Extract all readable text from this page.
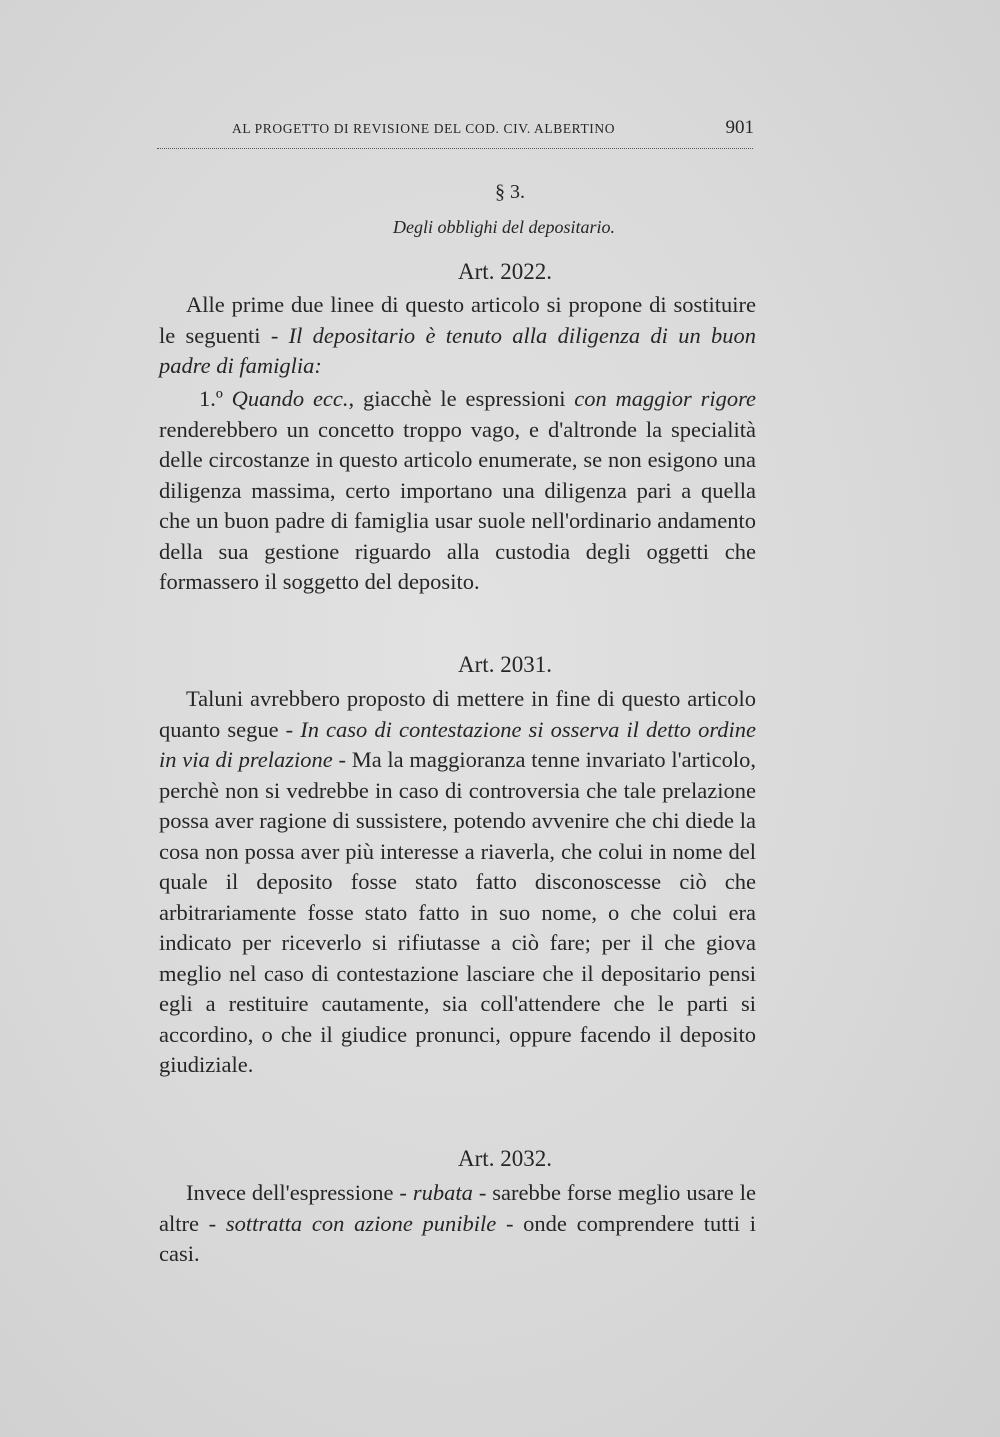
AL PROGETTO DI REVISIONE DEL COD. CIV. ALBERTINO	901
§ 3.
Degli obblighi del depositario.
Art. 2022.

Alle prime due linee di questo articolo si propone di sostituire le seguenti - Il depositario è tenuto alla diligenza di un buon padre di famiglia:

1.º Quando ecc., giacchè le espressioni con maggior rigore renderebbero un concetto troppo vago, e d'altronde la specialità delle circostanze in questo articolo enumerate, se non esigono una diligenza massima, certo importano una diligenza pari a quella che un buon padre di famiglia usar suole nell'ordinario andamento della sua gestione riguardo alla custodia degli oggetti che formassero il soggetto del deposito.

Art. 2031.

Taluni avrebbero proposto di mettere in fine di questo articolo quanto segue - In caso di contestazione si osserva il detto ordine in via di prelazione - Ma la maggioranza tenne invariato l'articolo, perchè non si vedrebbe in caso di controversia che tale prelazione possa aver ragione di sussistere, potendo avvenire che chi diede la cosa non possa aver più interesse a riaverla, che colui in nome del quale il deposito fosse stato fatto disconoscesse ciò che arbitrariamente fosse stato fatto in suo nome, o che colui era indicato per riceverlo si rifiutasse a ciò fare; per il che giova meglio nel caso di contestazione lasciare che il depositario pensi egli a restituire cautamente, sia coll'attendere che le parti si accordino, o che il giudice pronunci, oppure facendo il deposito giudiziale.

Art. 2032.

Invece dell'espressione - rubata - sarebbe forse meglio usare le altre - sottratta con azione punibile - onde comprendere tutti i casi.
